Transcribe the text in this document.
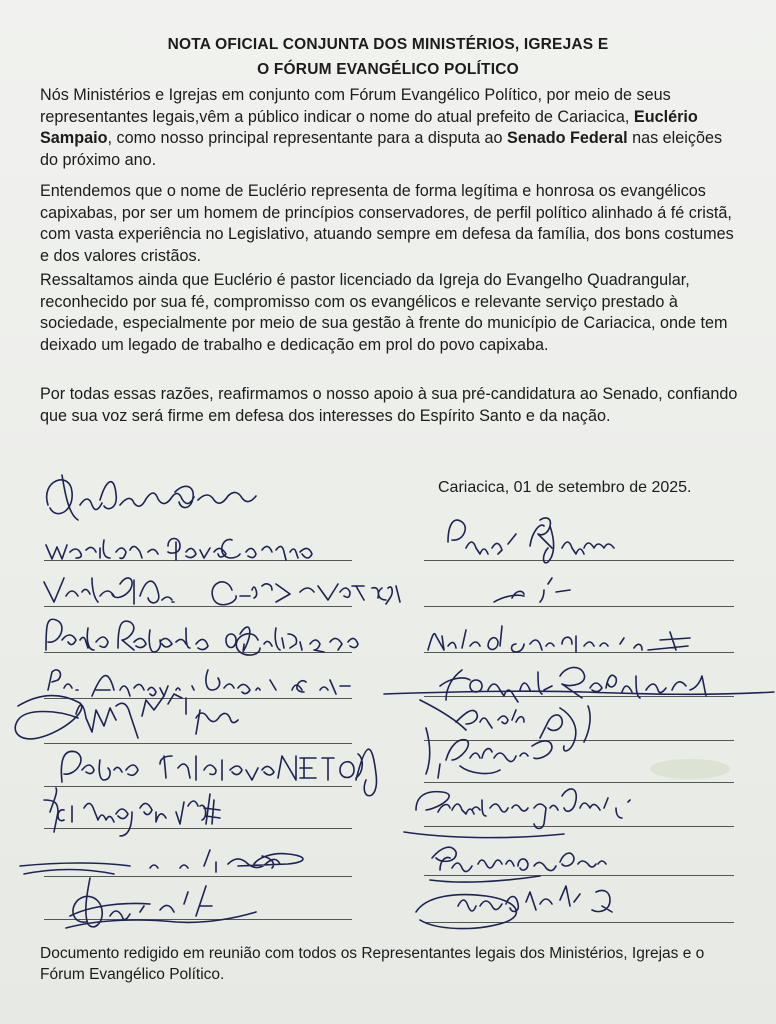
NOTA OFICIAL CONJUNTA DOS MINISTÉRIOS, IGREJAS E
O FÓRUM EVANGÉLICO POLÍTICO
Nós Ministérios e Igrejas em conjunto com Fórum Evangélico Político, por meio de seus representantes legais,vêm a público indicar o nome do atual prefeito de Cariacica, Euclério Sampaio, como nosso principal representante para a disputa ao Senado Federal nas eleições do próximo ano.
Entendemos que o nome de Euclério representa de forma legítima e honrosa os evangélicos capixabas, por ser um homem de princípios conservadores, de perfil político alinhado á fé cristã, com vasta experiência no Legislativo, atuando sempre em defesa da família, dos bons costumes e dos valores cristãos.
Ressaltamos ainda que Euclério é pastor licenciado da Igreja do Evangelho Quadrangular, reconhecido por sua fé, compromisso com os evangélicos e relevante serviço prestado à sociedade, especialmente por meio de sua gestão à frente do município de Cariacica, onde tem deixado um legado de trabalho e dedicação em prol do povo capixaba.
Por todas essas razões, reafirmamos o nosso apoio à sua pré-candidatura ao Senado, confiando que sua voz será firme em defesa dos interesses do Espírito Santo e da nação.
Cariacica, 01 de setembro de 2025.
Documento redigido em reunião com todos os Representantes legais dos Ministérios, Igrejas e o Fórum Evangélico Político.
